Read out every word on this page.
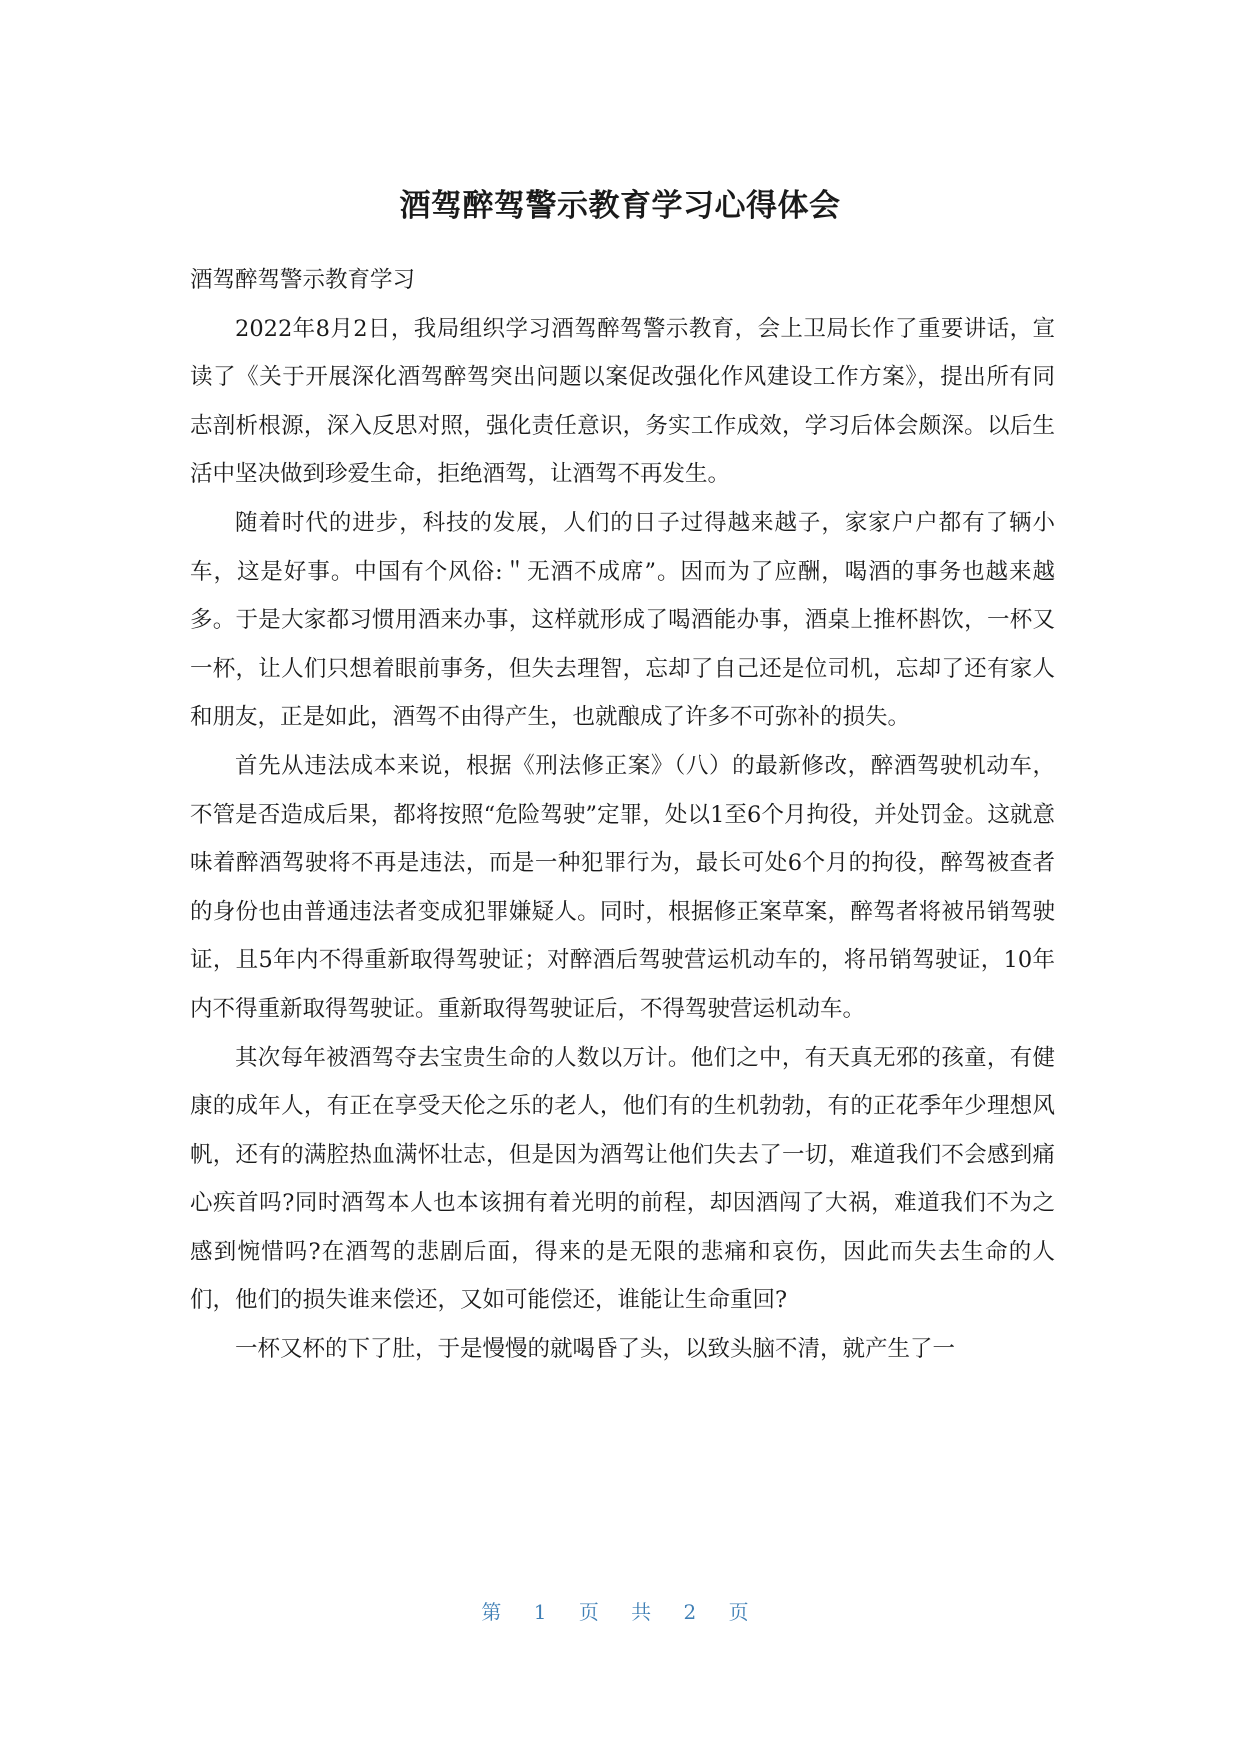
酒驾醉驾警示教育学习心得体会

酒驾醉驾警示教育学习

2022年8月2日，我局组织学习酒驾醉驾警示教育，会上卫局长作了重要讲话，宣读了《关于开展深化酒驾醉驾突出问题以案促改强化作风建设工作方案》，提出所有同志剖析根源，深入反思对照，强化责任意识，务实工作成效，学习后体会颇深。以后生活中坚决做到珍爱生命，拒绝酒驾，让酒驾不再发生。

随着时代的进步，科技的发展，人们的日子过得越来越子，家家户户都有了辆小车，这是好事。中国有个风俗:＂无酒不成席”。因而为了应酬，喝酒的事务也越来越多。于是大家都习惯用酒来办事，这样就形成了喝酒能办事，酒桌上推杯斟饮，一杯又一杯，让人们只想着眼前事务，但失去理智，忘却了自己还是位司机，忘却了还有家人和朋友，正是如此，酒驾不由得产生，也就酿成了许多不可弥补的损失。

首先从违法成本来说，根据《刑法修正案》（八）的最新修改，醉酒驾驶机动车，不管是否造成后果，都将按照“危险驾驶”定罪，处以1至6个月拘役，并处罚金。这就意味着醉酒驾驶将不再是违法，而是一种犯罪行为，最长可处6个月的拘役，醉驾被查者的身份也由普通违法者变成犯罪嫌疑人。同时，根据修正案草案，醉驾者将被吊销驾驶证，且5年内不得重新取得驾驶证；对醉酒后驾驶营运机动车的，将吊销驾驶证，10年内不得重新取得驾驶证。重新取得驾驶证后，不得驾驶营运机动车。

其次每年被酒驾夺去宝贵生命的人数以万计。他们之中，有天真无邪的孩童，有健康的成年人，有正在享受天伦之乐的老人，他们有的生机勃勃，有的正花季年少理想风帆，还有的满腔热血满怀壮志，但是因为酒驾让他们失去了一切，难道我们不会感到痛心疾首吗?同时酒驾本人也本该拥有着光明的前程，却因酒闯了大祸，难道我们不为之感到惋惜吗?在酒驾的悲剧后面，得来的是无限的悲痛和哀伤，因此而失去生命的人们，他们的损失谁来偿还，又如可能偿还，谁能让生命重回?

一杯又杯的下了肚，于是慢慢的就喝昏了头，以致头脑不清，就产生了一

第 1 页 共 2 页
